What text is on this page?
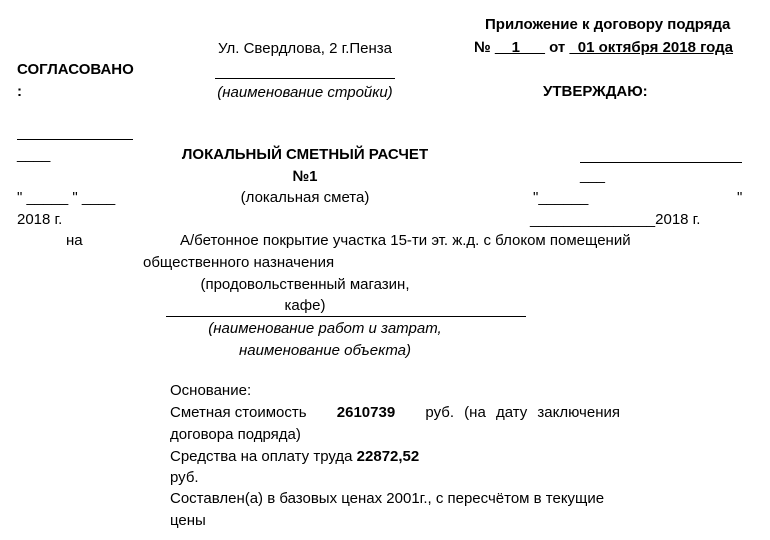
Приложение к договору подряда
№ __1___ от _01 октября 2018 года
Ул. Свердлова, 2 г.Пенза
(наименование стройки)
СОГЛАСОВАНО
:
____
" _____ " ____
2018 г.
УТВЕРЖДАЮ:
___
"______	"
_______________2018 г.
ЛОКАЛЬНЫЙ СМЕТНЫЙ РАСЧЕТ
№1
(локальная смета)
на	А/бетонное покрытие участка 15-ти эт. ж.д. с блоком помещений
общественного назначения
(продовольственный магазин,
кафе)
(наименование работ и затрат,
наименование объекта)
Основание:
Сметная стоимость 2610739 руб. (на дату заключения
договора подряда)
Средства на оплату труда 22872,52
руб.
Составлен(а) в базовых ценах 2001г., с пересчётом в текущие
цены
